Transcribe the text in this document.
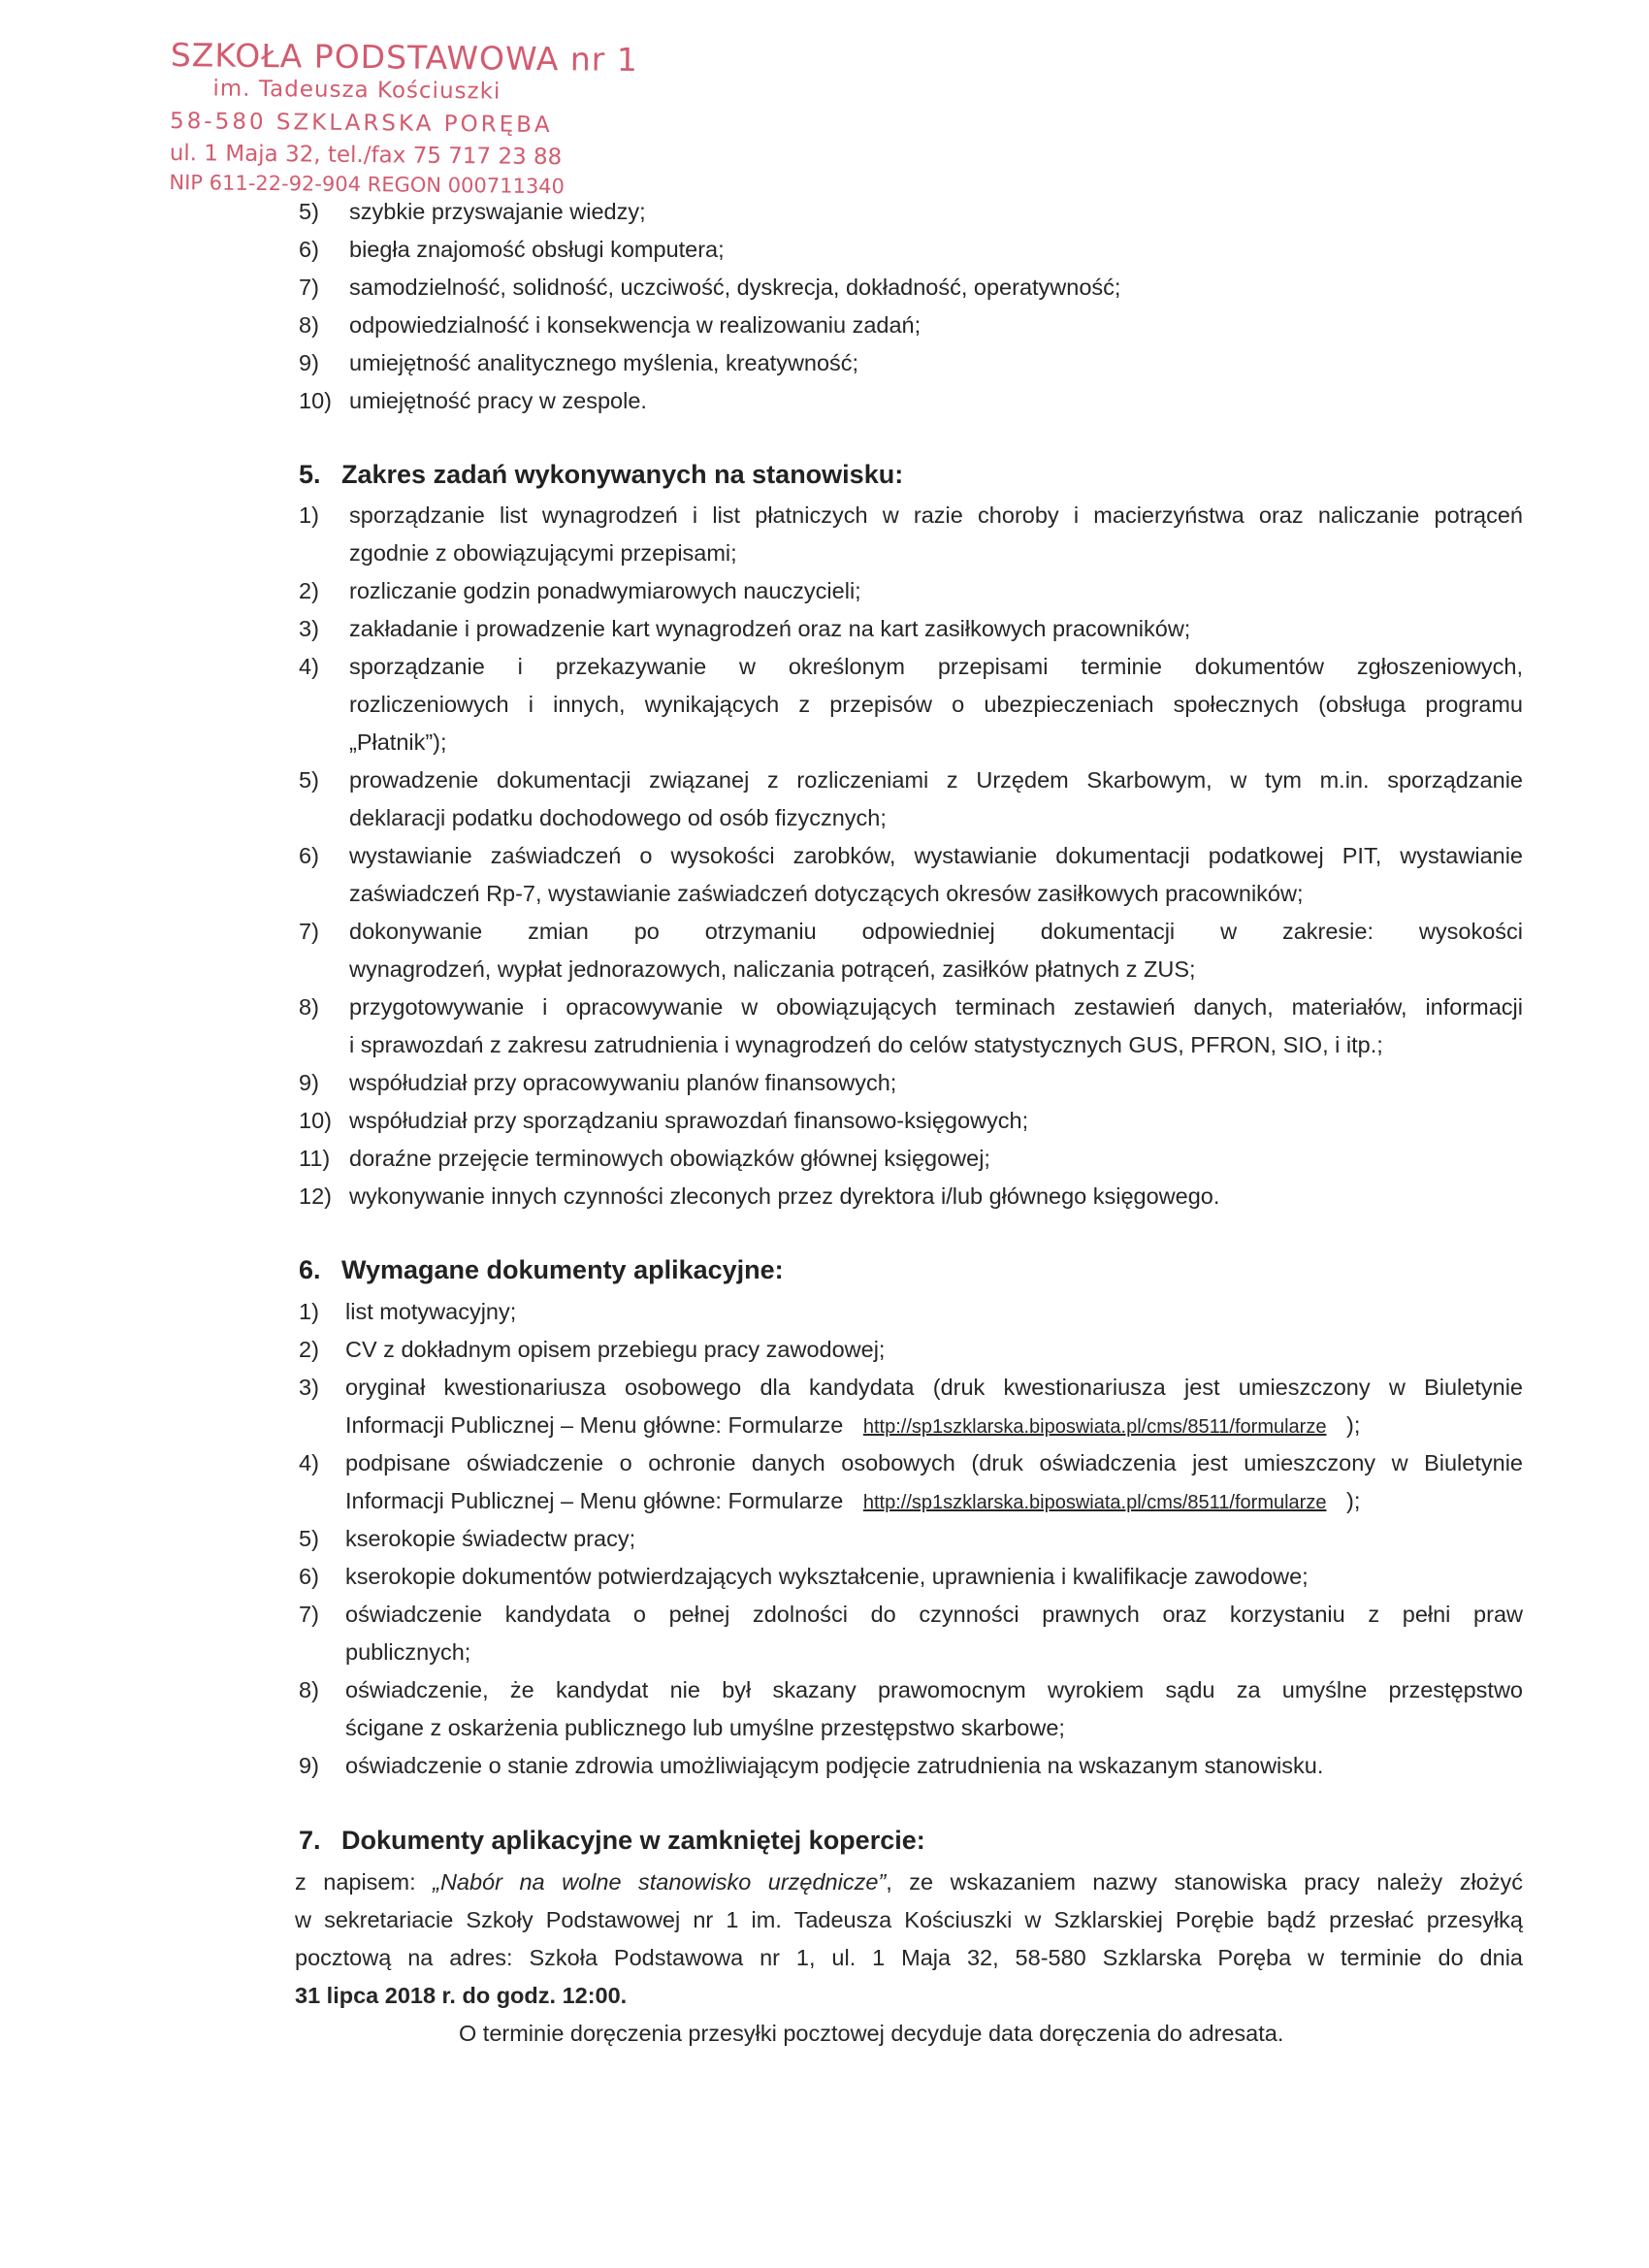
SZKOŁA PODSTAWOWA nr 1
im. Tadeusza Kościuszki
58-580 SZKLARSKA PORĘBA
ul. 1 Maja 32, tel./fax 75 717 23 88
NIP 611-22-92-904 REGON 000711340
5) szybkie przyswajanie wiedzy;
6) biegła znajomość obsługi komputera;
7) samodzielność, solidność, uczciwość, dyskrecja, dokładność, operatywność;
8) odpowiedzialność i konsekwencja w realizowaniu zadań;
9) umiejętność analitycznego myślenia, kreatywność;
10) umiejętność pracy w zespole.
5. Zakres zadań wykonywanych na stanowisku:
1) sporządzanie list wynagrodzeń i list płatniczych w razie choroby i macierzyństwa oraz naliczanie potrąceń
zgodnie z obowiązującymi przepisami;
2) rozliczanie godzin ponadwymiarowych nauczycieli;
3) zakładanie i prowadzenie kart wynagrodzeń oraz na kart zasiłkowych pracowników;
4) sporządzanie i przekazywanie w określonym przepisami terminie dokumentów zgłoszeniowych,
rozliczeniowych i innych, wynikających z przepisów o ubezpieczeniach społecznych (obsługa programu
„Płatnik”);
5) prowadzenie dokumentacji związanej z rozliczeniami z Urzędem Skarbowym, w tym m.in. sporządzanie
deklaracji podatku dochodowego od osób fizycznych;
6) wystawianie zaświadczeń o wysokości zarobków, wystawianie dokumentacji podatkowej PIT, wystawianie
zaświadczeń Rp-7, wystawianie zaświadczeń dotyczących okresów zasiłkowych pracowników;
7) dokonywanie zmian po otrzymaniu odpowiedniej dokumentacji w zakresie: wysokości
wynagrodzeń, wypłat jednorazowych, naliczania potrąceń, zasiłków płatnych z ZUS;
8) przygotowywanie i opracowywanie w obowiązujących terminach zestawień danych, materiałów, informacji
i sprawozdań z zakresu zatrudnienia i wynagrodzeń do celów statystycznych GUS, PFRON, SIO, i itp.;
9) współudział przy opracowywaniu planów finansowych;
10) współudział przy sporządzaniu sprawozdań finansowo-księgowych;
11) doraźne przejęcie terminowych obowiązków głównej księgowej;
12) wykonywanie innych czynności zleconych przez dyrektora i/lub głównego księgowego.
6. Wymagane dokumenty aplikacyjne:
1) list motywacyjny;
2) CV z dokładnym opisem przebiegu pracy zawodowej;
3) oryginał kwestionariusza osobowego dla kandydata (druk kwestionariusza jest umieszczony w Biuletynie
Informacji Publicznej – Menu główne: Formularze http://sp1szklarska.biposwiata.pl/cms/8511/formularze );
4) podpisane oświadczenie o ochronie danych osobowych (druk oświadczenia jest umieszczony w Biuletynie
Informacji Publicznej – Menu główne: Formularze http://sp1szklarska.biposwiata.pl/cms/8511/formularze );
5) kserokopie świadectw pracy;
6) kserokopie dokumentów potwierdzających wykształcenie, uprawnienia i kwalifikacje zawodowe;
7) oświadczenie kandydata o pełnej zdolności do czynności prawnych oraz korzystaniu z pełni praw
publicznych;
8) oświadczenie, że kandydat nie był skazany prawomocnym wyrokiem sądu za umyślne przestępstwo
ścigane z oskarżenia publicznego lub umyślne przestępstwo skarbowe;
9) oświadczenie o stanie zdrowia umożliwiającym podjęcie zatrudnienia na wskazanym stanowisku.
7. Dokumenty aplikacyjne w zamkniętej kopercie:
z napisem: „Nabór na wolne stanowisko urzędnicze”, ze wskazaniem nazwy stanowiska pracy należy złożyć
w sekretariacie Szkoły Podstawowej nr 1 im. Tadeusza Kościuszki w Szklarskiej Porębie bądź przesłać przesyłką
pocztową na adres: Szkoła Podstawowa nr 1, ul. 1 Maja 32, 58-580 Szklarska Poręba w terminie do dnia
31 lipca 2018 r. do godz. 12:00.
O terminie doręczenia przesyłki pocztowej decyduje data doręczenia do adresata.
